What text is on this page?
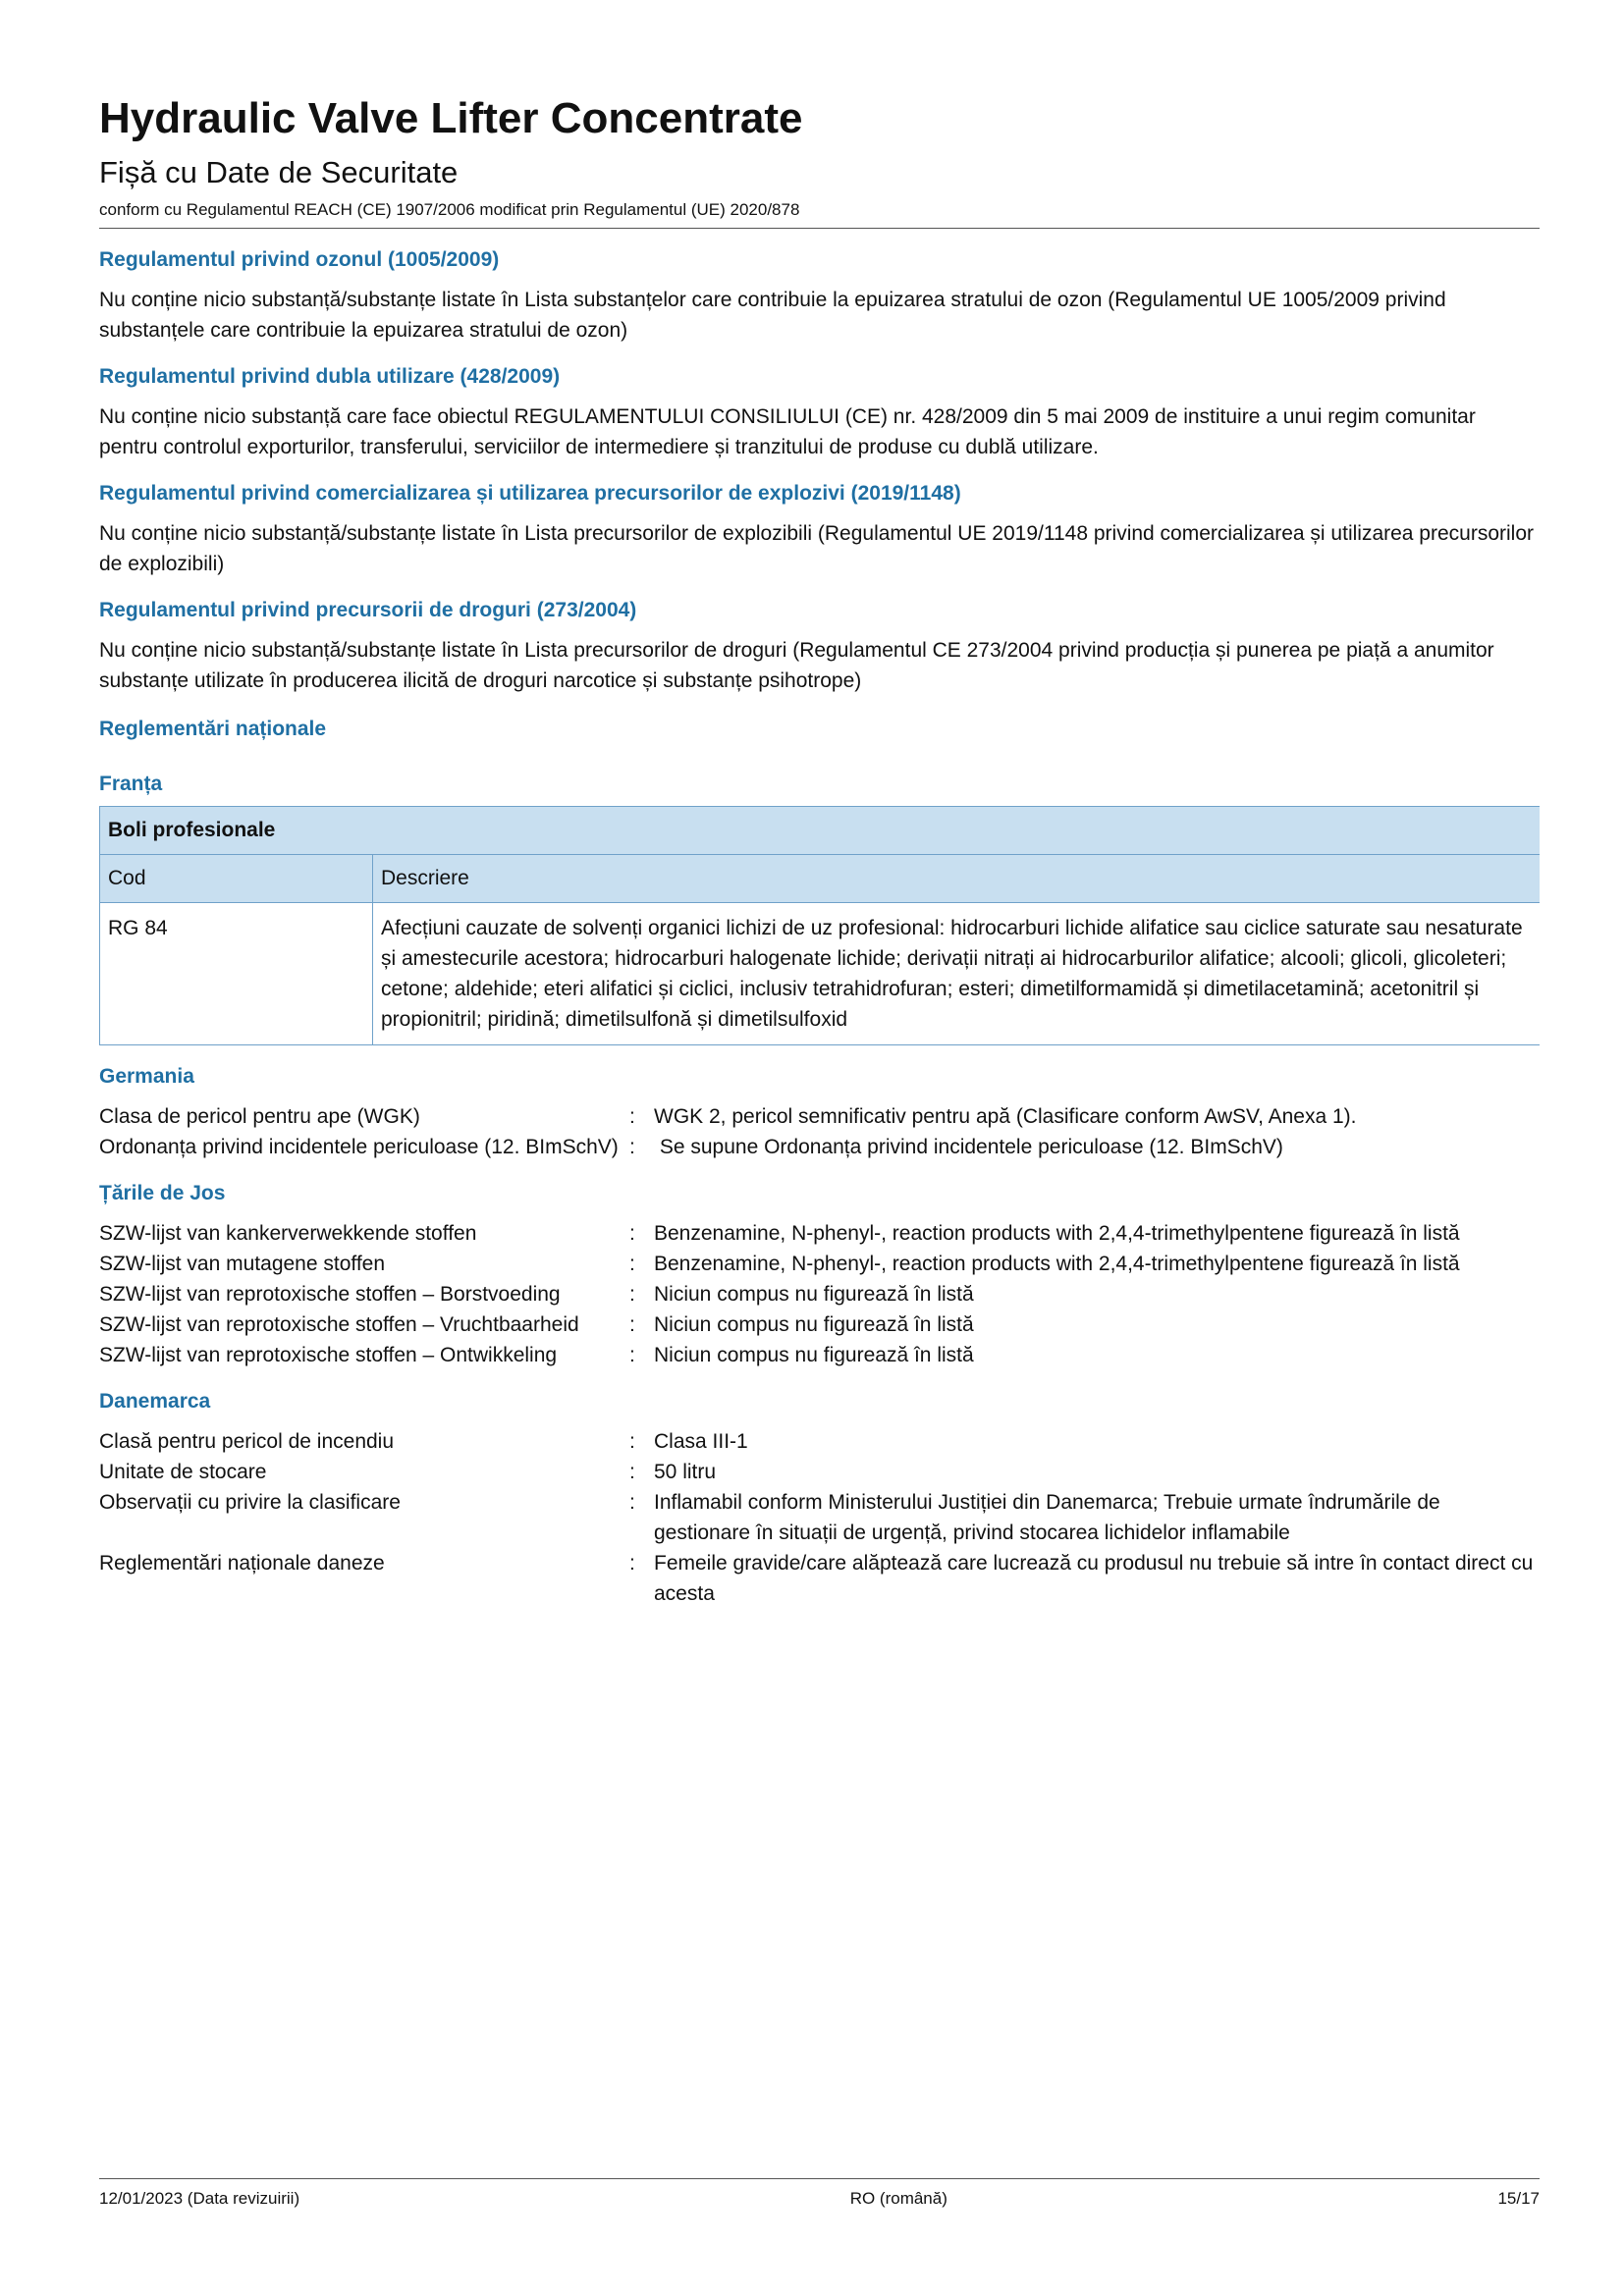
Hydraulic Valve Lifter Concentrate
Fișă cu Date de Securitate
conform cu Regulamentul REACH (CE) 1907/2006 modificat prin Regulamentul (UE) 2020/878
Regulamentul privind ozonul (1005/2009)
Nu conține nicio substanță/substanțe listate în Lista substanțelor care contribuie la epuizarea stratului de ozon (Regulamentul UE 1005/2009 privind substanțele care contribuie la epuizarea stratului de ozon)
Regulamentul privind dubla utilizare (428/2009)
Nu conține nicio substanță care face obiectul REGULAMENTULUI CONSILIULUI (CE) nr. 428/2009 din 5 mai 2009 de instituire a unui regim comunitar pentru controlul exporturilor, transferului, serviciilor de intermediere și tranzitului de produse cu dublă utilizare.
Regulamentul privind comercializarea și utilizarea precursorilor de explozivi (2019/1148)
Nu conține nicio substanță/substanțe listate în Lista precursorilor de explozibili (Regulamentul UE 2019/1148 privind comercializarea și utilizarea precursorilor de explozibili)
Regulamentul privind precursorii de droguri (273/2004)
Nu conține nicio substanță/substanțe listate în Lista precursorilor de droguri (Regulamentul CE 273/2004 privind producția și punerea pe piață a anumitor substanțe utilizate în producerea ilicită de droguri narcotice și substanțe psihotrope)
Reglementări naționale
Franța
Boli profesionale	
Cod	Descriere
RG 84	Afecțiuni cauzate de solvenți organici lichizi de uz profesional: hidrocarburi lichide alifatice sau ciclice saturate sau nesaturate și amestecurile acestora; hidrocarburi halogenate lichide; derivații nitrați ai hidrocarburilor alifatice; alcooli; glicoli, glicoleteri; cetone; aldehide; eteri alifatici și ciclici, inclusiv tetrahidrofuran; esteri; dimetilformamidă și dimetilacetamină; acetonitril și propionitril; piridină; dimetilsulfonă și dimetilsulfoxid
Germania
Clasa de pericol pentru ape (WGK)	: WGK 2, pericol semnificativ pentru apă (Clasificare conform AwSV, Anexa 1).
Ordonanța privind incidentele periculoase (12. BImSchV) : Se supune Ordonanța privind incidentele periculoase (12. BImSchV)
Țările de Jos
SZW-lijst van kankerverwekkende stoffen	: Benzenamine, N-phenyl-, reaction products with 2,4,4-trimethylpentene figurează în listă
SZW-lijst van mutagene stoffen	: Benzenamine, N-phenyl-, reaction products with 2,4,4-trimethylpentene figurează în listă
SZW-lijst van reprotoxische stoffen – Borstvoeding	: Niciun compus nu figurează în listă
SZW-lijst van reprotoxische stoffen – Vruchtbaarheid	: Niciun compus nu figurează în listă
SZW-lijst van reprotoxische stoffen – Ontwikkeling	: Niciun compus nu figurează în listă
Danemarca
Clasă pentru pericol de incendiu	: Clasa III-1
Unitate de stocare	: 50 litru
Observații cu privire la clasificare	: Inflamabil conform Ministerului Justiției din Danemarca; Trebuie urmate îndrumările de gestionare în situații de urgență, privind stocarea lichidelor inflamabile
Reglementări naționale daneze	: Femeile gravide/care alăptează care lucrează cu produsul nu trebuie să intre în contact direct cu acesta
12/01/2023 (Data revizuirii)	RO (română)	15/17
